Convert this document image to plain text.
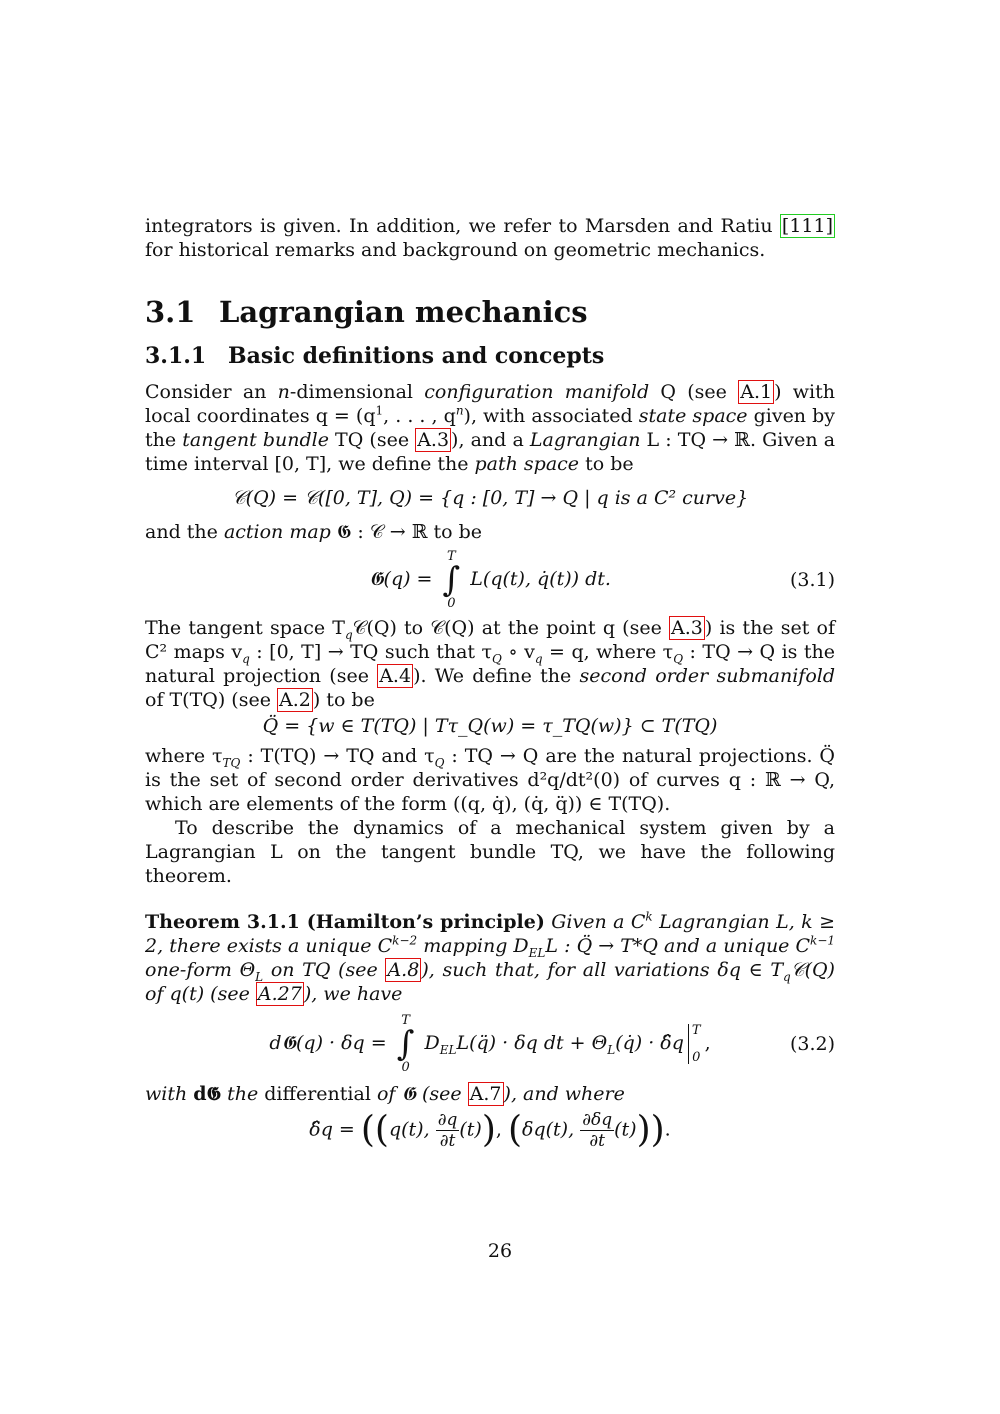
integrators is given. In addition, we refer to Marsden and Ratiu [111] for historical remarks and background on geometric mechanics.

3.1 Lagrangian mechanics
3.1.1 Basic definitions and concepts

Consider an n-dimensional configuration manifold Q (see A.1 ) with local coordinates $q = (q^1$, . . . , $q^n$), with associated state space given by the tangent bundle TQ (see A.3 ), and a Lagrangian L : TQ → ℝ. Given a time interval [0, T], we define the path space to be

𝒞(Q) = 𝒞([0, T], Q) = {q : [0, T] → Q | q is a C² curve}

and the action map 𝕲 : 𝒞 → ℝ to be

𝕲(q) =
T
∫
0
L(q(t), q̇(t)) dt.	(3.1)

The tangent space $T_q𝒞(Q)$ to 𝒞(Q) at the point q (see A.3 ) is the set of C² maps $v_q$ : [0, T] → TQ such that $\tau_Q$ ∘ $v_q = q$, where $\tau_Q$ : TQ → Q is the natural projection (see A.4 ). We define the second order submanifold of T(TQ) (see A.2 ) to be

Q̈ = {w ∈ T(TQ) | Tτ_Q(w) = τ_TQ(w)} ⊂ T(TQ)

where $\tau_{TQ}$ : T(TQ) → TQ and $\tau_Q$ : TQ → Q are the natural projections. Q̈ is the set of second order derivatives d²q/dt²(0) of curves q : ℝ → Q, which are elements of the form ((q, q̇), (q̇, q̈)) ∈ T(TQ).

To describe the dynamics of a mechanical system given by a Lagrangian L on the tangent bundle TQ, we have the following theorem.

Theorem 3.1.1 (Hamilton’s principle) Given a $C^k$ Lagrangian L, k ≥ 2, there exists a unique $C^{k-2}$ mapping $D_{EL}L$ : Q̈ → T*Q and a unique $C^{k-1}$ one-form $\Theta_L$ on TQ (see A.8 ), such that, for all variations δq ∈ $T_q𝒞(Q)$ of q(t) (see A.27 ), we have

d𝕲(q) · δq =
T
∫
0
$D_{EL}L(q̈) \cdot \delta q$ dt + $\Theta_L(q̇)$ · δ̂q
T
0
,	(3.2)

with d𝕲 the differential of 𝕲 (see A.7 ), and where

δ̂q = ((q(t), $\frac{\partial q}{\partial t} (t)$), (δq(t), $\frac{\partial\delta q}{\partial t} (t)$)).
26
